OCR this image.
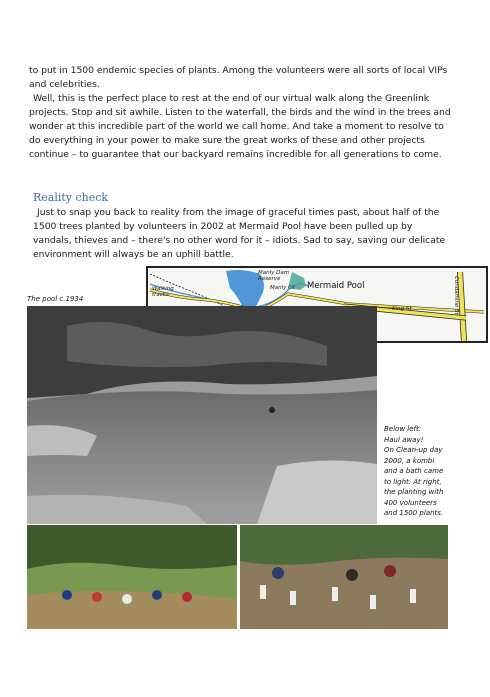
to put in 1500 endemic species of plants. Among the volunteers were all sorts of local VIPs and celebrities.

Well, this is the perfect place to rest at the end of our virtual walk along the Greenlink projects. Stop and sit awhile. Listen to the waterfall, the birds and the wind in the trees and wonder at this incredible part of the world we call home. And take a moment to resolve to do everything in your power to make sure the great works of these and other projects continue – to guarantee that our backyard remains incredible for all generations to come.

Reality check

Just to snap you back to reality from the image of graceful times past, about half of the 1500 trees planted by volunteers in 2002 at Mermaid Pool have been pulled up by vandals, thieves and – there's no other word for it – idiots. Sad to say, saving our delicate environment will always be an uphill battle.

Manly Dam Reserve
Walking tracks
Manly Ck
King St	Condamine St
Mermaid Pool
The pool c.1934
Below left:
Haul away!
On Clean-up day
2000, a kombi
and a bath came
to light. At right,
the planting with
400 volunteers
and 1500 plants.
